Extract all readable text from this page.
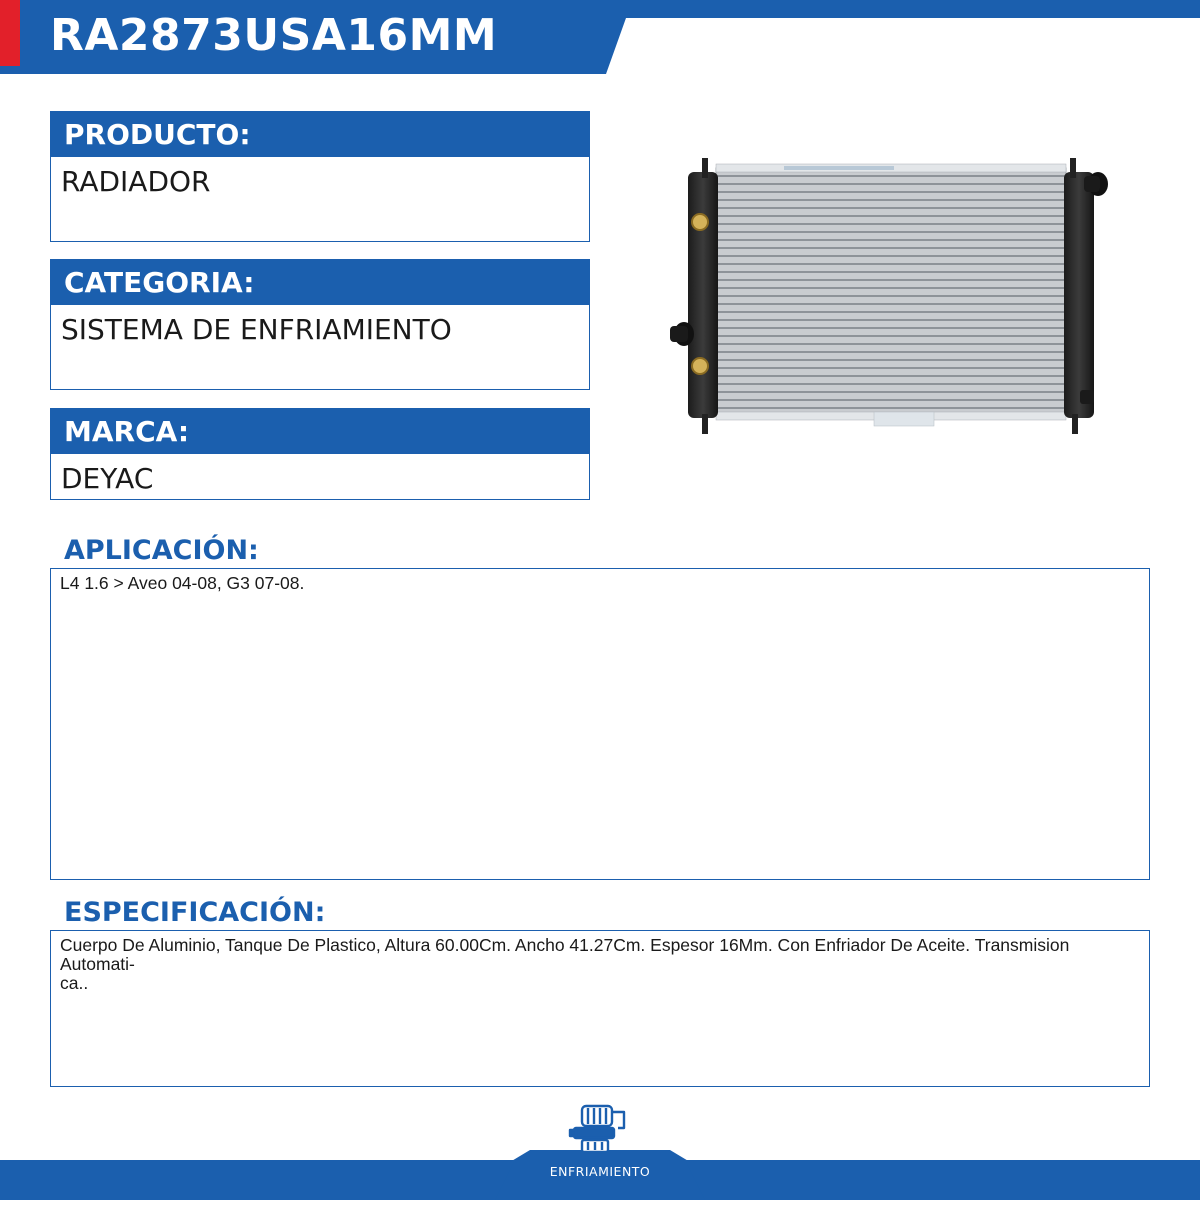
RA2873USA16MM
PRODUCTO:
RADIADOR
CATEGORIA:
SISTEMA DE ENFRIAMIENTO
MARCA:
DEYAC
APLICACIÓN:
L4 1.6 > Aveo 04-08, G3 07-08.
ESPECIFICACIÓN:
Cuerpo De Aluminio, Tanque De Plastico, Altura 60.00Cm. Ancho 41.27Cm. Espesor 16Mm. Con Enfriador De Aceite. Transmision Automati-
ca..
ENFRIAMIENTO
